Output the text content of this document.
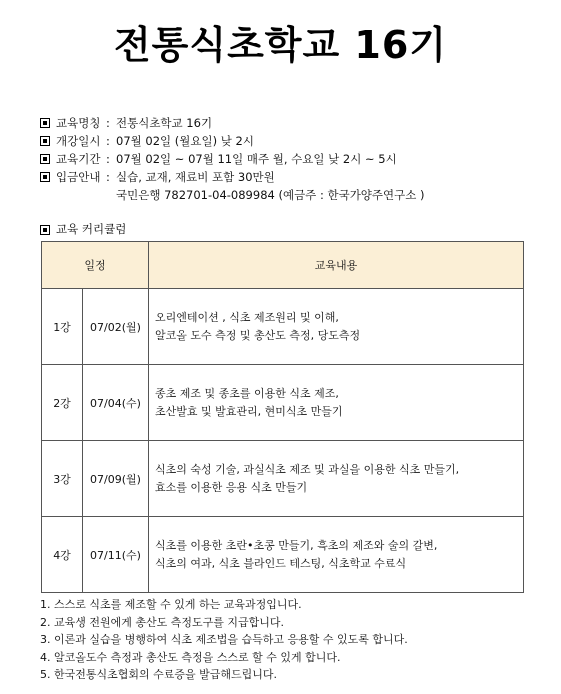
전통식초학교 16기
교육명칭 : 전통식초학교 16기
개강일시 : 07월 02일 (월요일) 낮 2시
교육기간 : 07월 02일 ~ 07월 11일 매주 월, 수요일 낮 2시 ~ 5시
입금안내 : 실습, 교재, 재료비 포함 30만원
국민은행 782701-04-089984 (예금주 : 한국가양주연구소 )
교육 커리큘럼
일정		교육내용
1강	07/02(월)	오리엔테이션 , 식초 제조원리 및 이해,
알코올 도수 측정 및 총산도 측정, 당도측정

2강	07/04(수)	종초 제조 및 종초를 이용한 식초 제조,
초산발효 및 발효관리, 현미식초 만들기

3강	07/09(월)	식초의 숙성 기술, 과실식초 제조 및 과실을 이용한 식초 만들기,
효소를 이용한 응용 식초 만들기

4강	07/11(수)	식초를 이용한 초란•초콩 만들기, 흑초의 제조와 술의 갈변,
식초의 여과, 식초 블라인드 테스팅, 식초학교 수료식
1. 스스로 식초를 제조할 수 있게 하는 교육과정입니다.
2. 교육생 전원에게 총산도 측정도구를 지급합니다.
3. 이론과 실습을 병행하여 식초 제조법을 습득하고 응용할 수 있도록 합니다.
4. 알코올도수 측정과 총산도 측정을 스스로 할 수 있게 합니다.
5. 한국전통식초협회의 수료증을 발급해드립니다.
